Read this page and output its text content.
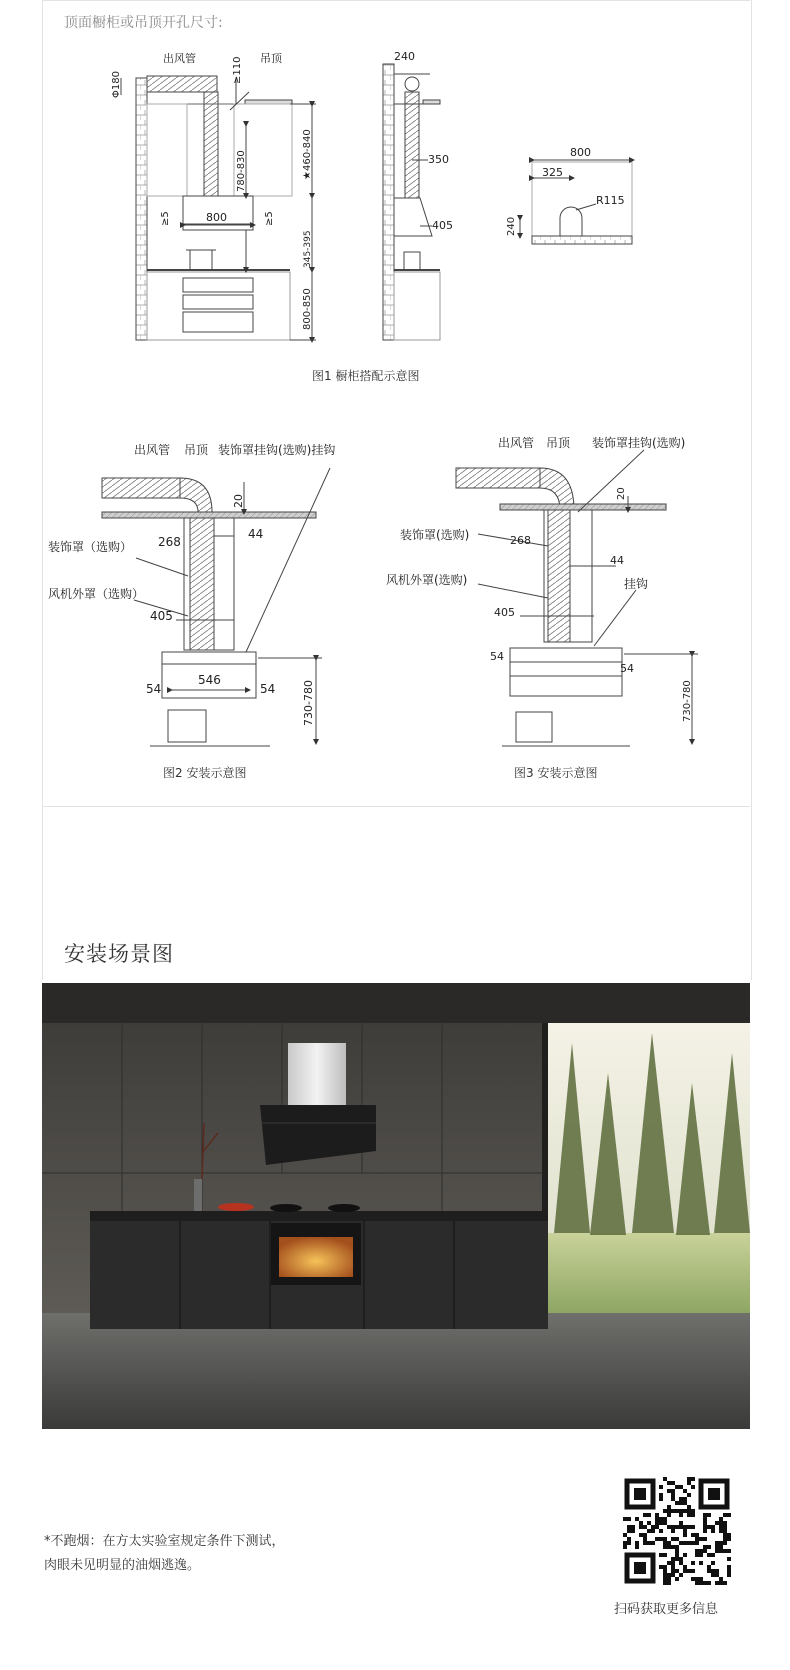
顶面橱柜或吊顶开孔尺寸:
出风管	吊顶
Φ180
≥110
★460-840
780-830
800
≥5	≥5
345-395
800-850
240
350
405
800
325
R115
240
图1 橱柜搭配示意图
出风管 吊顶 装饰罩挂钩(选购)挂钩
装饰罩（选购）
风机外罩（选购）
20
268
44
405
546
54	54 730-780
图2 安装示意图
出风管 吊顶 装饰罩挂钩(选购)
装饰罩(选购)
风机外罩(选购)	挂钩
20
268
44
405
54
54
730-780
图3 安装示意图
安装场景图
*不跑烟：在方太实验室规定条件下测试，
肉眼未见明显的油烟逃逸。
扫码获取更多信息
